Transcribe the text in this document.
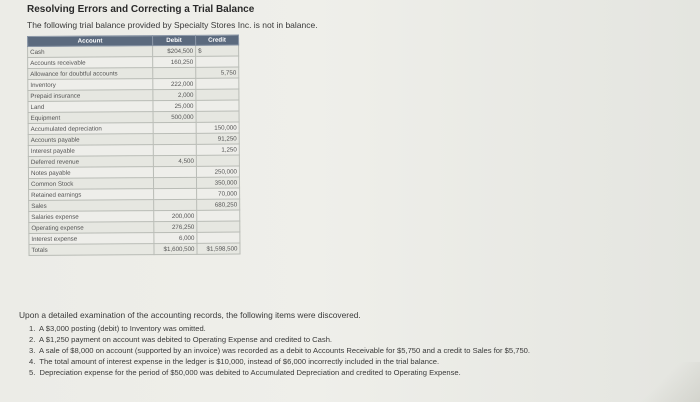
Resolving Errors and Correcting a Trial Balance
The following trial balance provided by Specialty Stores Inc. is not in balance.
Account	Debit	Credit
Cash	$204,500	$
Accounts receivable	160,250	
Allowance for doubtful accounts		5,750
Inventory	222,000	
Prepaid insurance	2,000	
Land	25,000	
Equipment	500,000	
Accumulated depreciation		150,000
Accounts payable		91,250
Interest payable		1,250
Deferred revenue	4,500	
Notes payable		250,000
Common Stock		350,000
Retained earnings		70,000
Sales		680,250
Salaries expense	200,000	
Operating expense	276,250	
Interest expense	6,000	
Totals	$1,600,500	$1,598,500
Upon a detailed examination of the accounting records, the following items were discovered.
1. A $3,000 posting (debit) to Inventory was omitted.
2. A $1,250 payment on account was debited to Operating Expense and credited to Cash.
3. A sale of $8,000 on account (supported by an invoice) was recorded as a debit to Accounts Receivable for $5,750 and a credit to Sales for $5,750.
4. The total amount of interest expense in the ledger is $10,000, instead of $6,000 incorrectly included in the trial balance.
5. Depreciation expense for the period of $50,000 was debited to Accumulated Depreciation and credited to Operating Expense.
